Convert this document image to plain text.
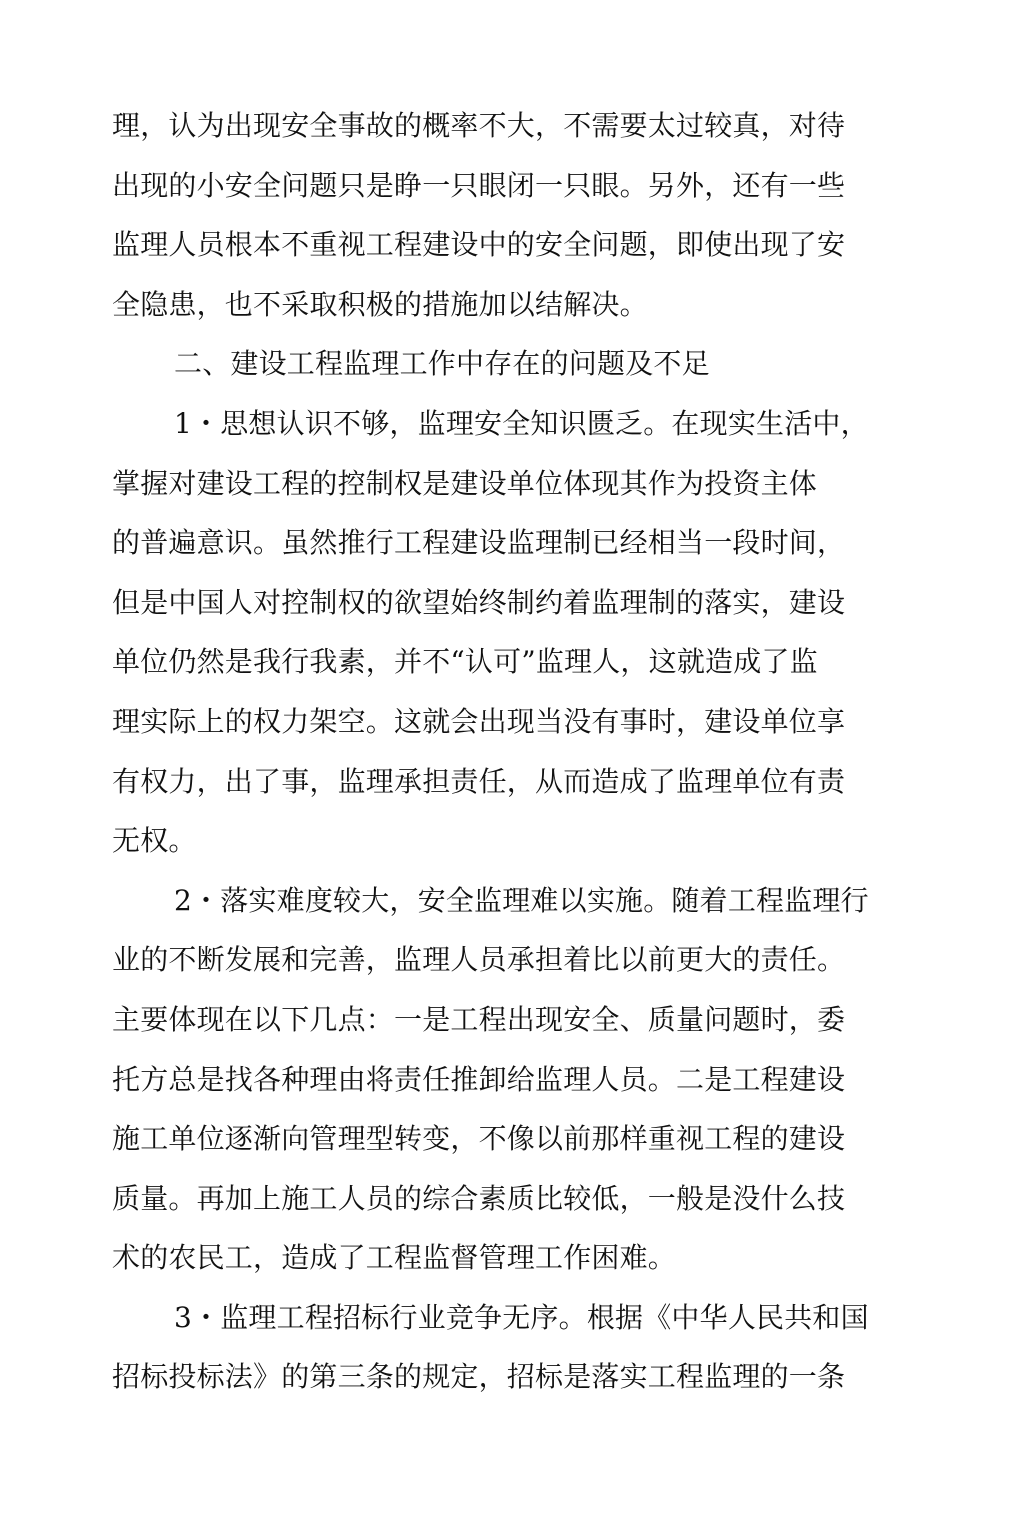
理，认为出现安全事故的概率不大，不需要太过较真，对待
出现的小安全问题只是睁一只眼闭一只眼。另外，还有一些
监理人员根本不重视工程建设中的安全问题，即使出现了安
全隐患，也不采取积极的措施加以结解决。
二、建设工程监理工作中存在的问题及不足
1・思想认识不够，监理安全知识匮乏。在现实生活中，
掌握对建设工程的控制权是建设单位体现其作为投资主体
的普遍意识。虽然推行工程建设监理制已经相当一段时间，
但是中国人对控制权的欲望始终制约着监理制的落实，建设
单位仍然是我行我素，并不“认可”监理人，这就造成了监
理实际上的权力架空。这就会出现当没有事时，建设单位享
有权力，出了事，监理承担责任，从而造成了监理单位有责
无权。
2・落实难度较大，安全监理难以实施。随着工程监理行
业的不断发展和完善，监理人员承担着比以前更大的责任。
主要体现在以下几点：一是工程出现安全、质量问题时，委
托方总是找各种理由将责任推卸给监理人员。二是工程建设
施工单位逐渐向管理型转变，不像以前那样重视工程的建设
质量。再加上施工人员的综合素质比较低，一般是没什么技
术的农民工，造成了工程监督管理工作困难。
3・监理工程招标行业竞争无序。根据《中华人民共和国
招标投标法》的第三条的规定，招标是落实工程监理的一条
